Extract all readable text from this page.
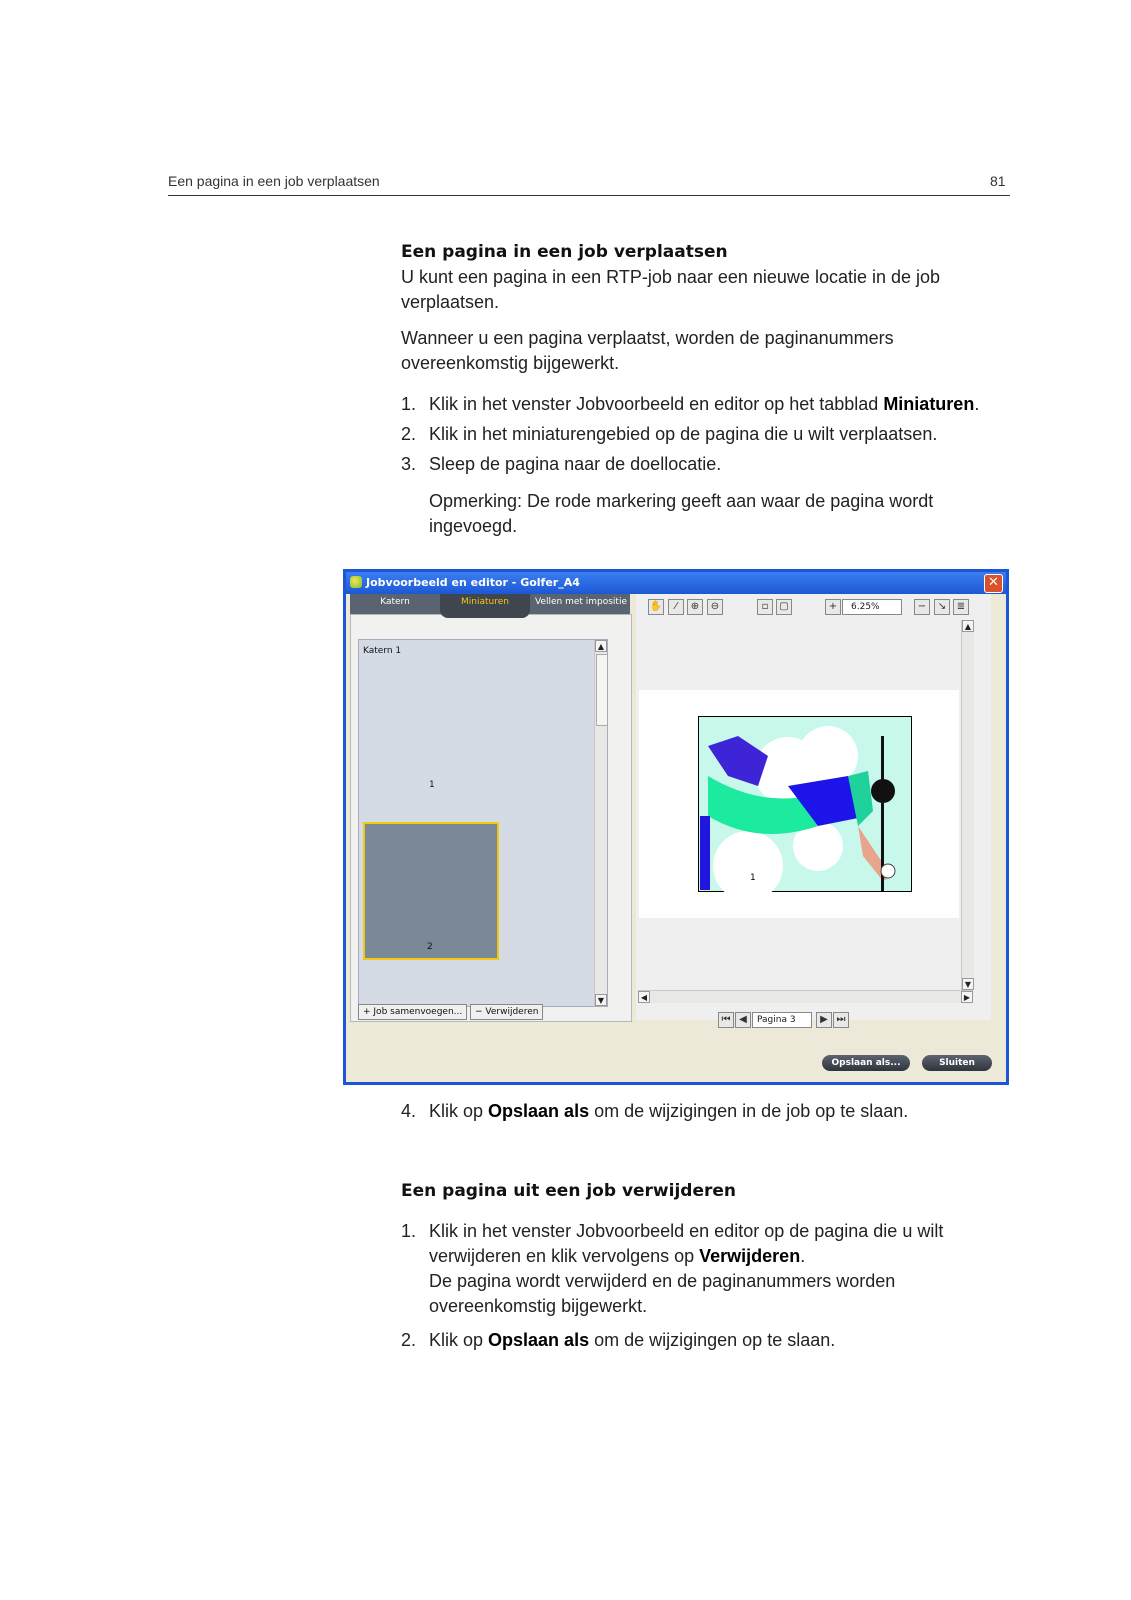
Een pagina in een job verplaatsen	81
Een pagina in een job verplaatsen
U kunt een pagina in een RTP-job naar een nieuwe locatie in de job verplaatsen.
Wanneer u een pagina verplaatst, worden de paginanummers overeenkomstig bijgewerkt.
1. Klik in het venster Jobvoorbeeld en editor op het tabblad Miniaturen.
2. Klik in het miniaturengebied op de pagina die u wilt verplaatsen.
3. Sleep de pagina naar de doellocatie.
Opmerking: De rode markering geeft aan waar de pagina wordt ingevoegd.
Jobvoorbeeld en editor - Golfer_A4	✕
Katern	Miniaturen	Vellen met impositie
Katern 1
1
2
▲
▼
+ Job samenvoegen...	− Verwijderen
✋	⁄	⊕	⊖	▫	▢	+	6.25%	−	↘	≣
1
▲
▼
◀	▶
⏮ ◀	Pagina 3	▶ ⏭
Opslaan als...	Sluiten
4. Klik op Opslaan als om de wijzigingen in de job op te slaan.
Een pagina uit een job verwijderen
1. Klik in het venster Jobvoorbeeld en editor op de pagina die u wilt verwijderen en klik vervolgens op Verwijderen.
De pagina wordt verwijderd en de paginanummers worden overeenkomstig bijgewerkt.
2. Klik op Opslaan als om de wijzigingen op te slaan.
